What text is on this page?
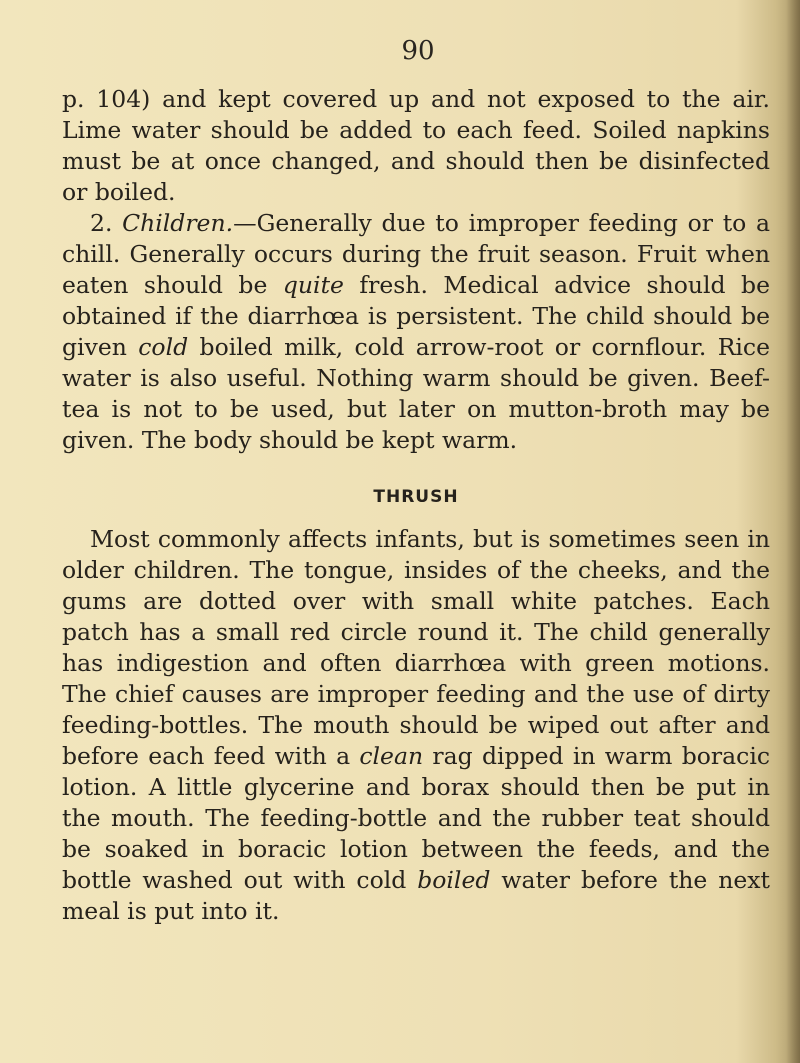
90

p. 104) and kept covered up and not exposed to the air. Lime water should be added to each feed. Soiled napkins must be at once changed, and should then be disinfected or boiled.

2. Children.—Generally due to improper feeding or to a chill. Generally occurs during the fruit season. Fruit when eaten should be quite fresh. Medical advice should be obtained if the diarrhœa is persistent. The child should be given cold boiled milk, cold arrow-root or cornflour. Rice water is also useful. Nothing warm should be given. Beef-tea is not to be used, but later on mutton-broth may be given. The body should be kept warm.

THRUSH

Most commonly affects infants, but is sometimes seen in older children. The tongue, insides of the cheeks, and the gums are dotted over with small white patches. Each patch has a small red circle round it. The child generally has indigestion and often diarrhœa with green motions. The chief causes are improper feeding and the use of dirty feeding-bottles. The mouth should be wiped out after and before each feed with a clean rag dipped in warm boracic lotion. A little glycerine and borax should then be put in the mouth. The feeding-bottle and the rubber teat should be soaked in boracic lotion between the feeds, and the bottle washed out with cold boiled water before the next meal is put into it.
